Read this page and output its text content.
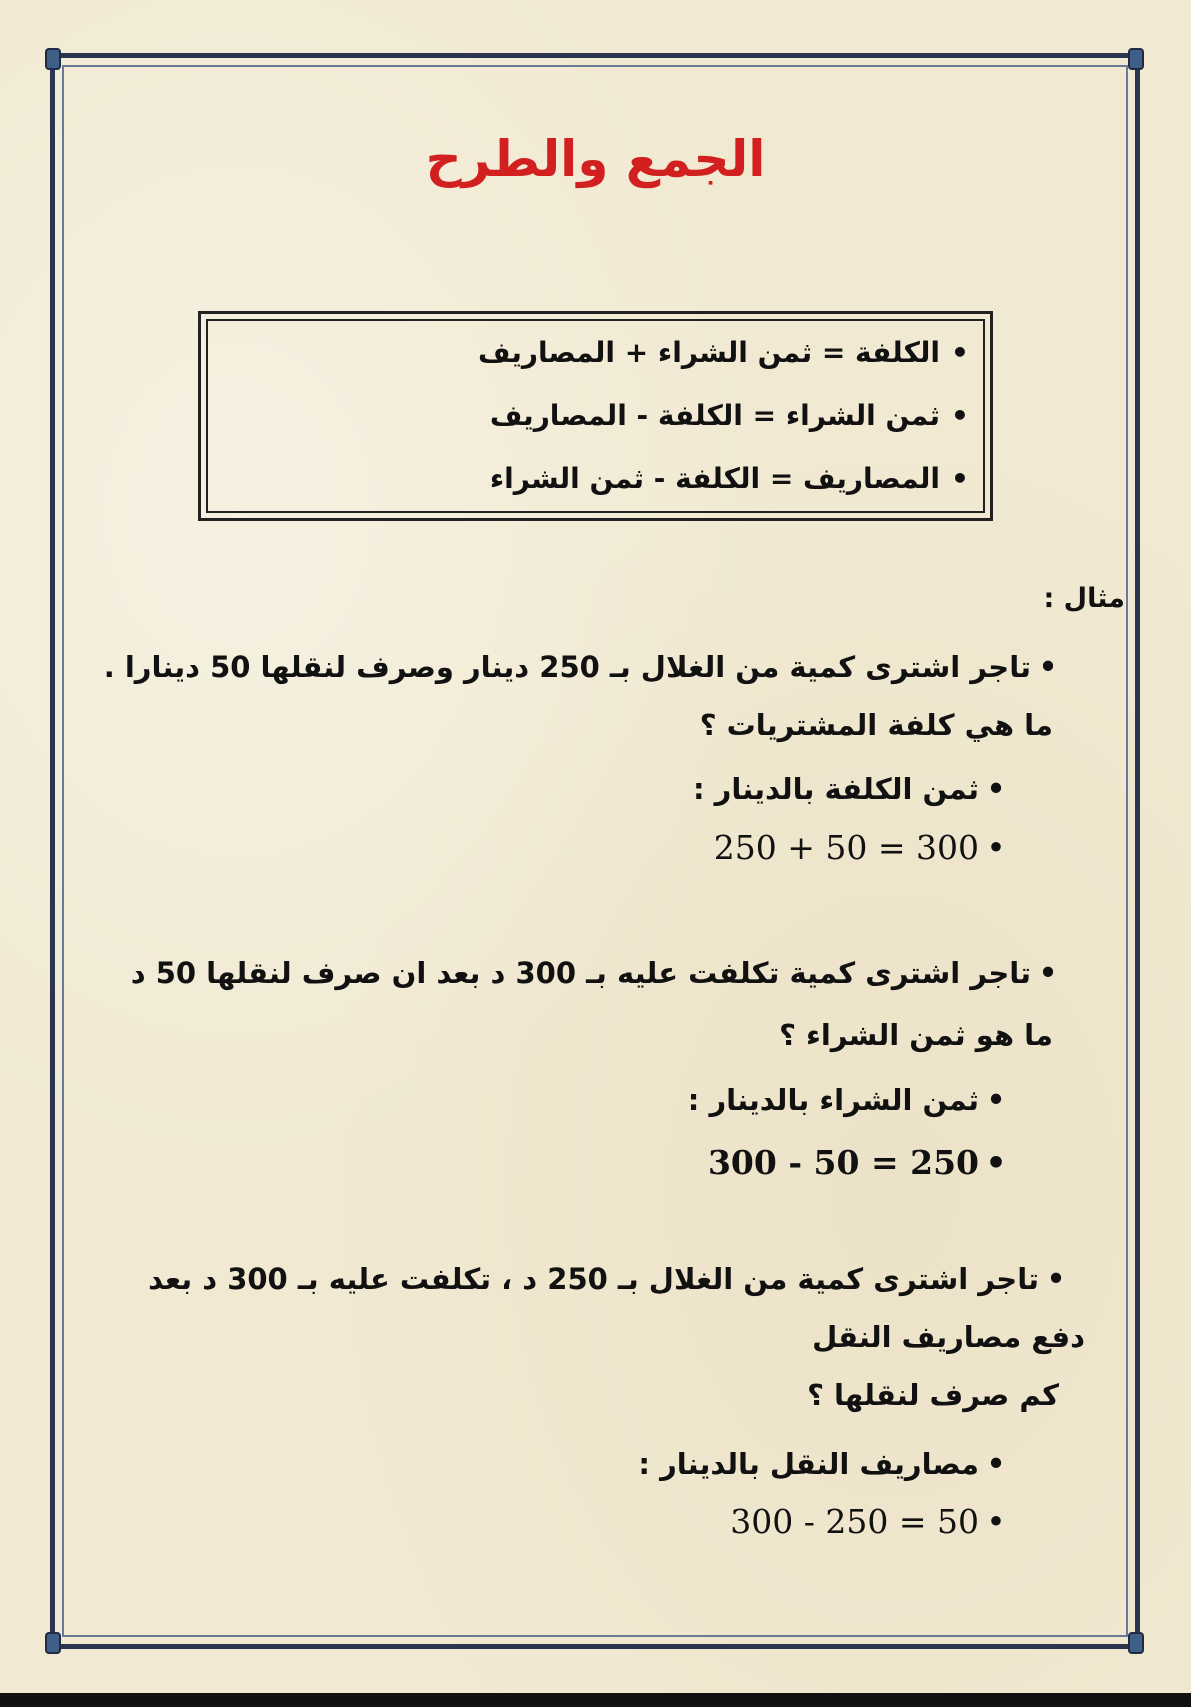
الجمع والطرح
•الكلفة = ثمن الشراء + المصاريف
•ثمن الشراء = الكلفة - المصاريف
•المصاريف = الكلفة - ثمن الشراء
مثال :
•تاجر اشترى كمية من الغلال بـ 250 دينار وصرف لنقلها 50 دينارا .
ما هي كلفة المشتريات ؟
•ثمن الكلفة بالدينار :
•300 = 50 + 250
•تاجر اشترى كمية تكلفت عليه بـ 300 د بعد ان صرف لنقلها 50 د
ما هو ثمن الشراء ؟
•ثمن الشراء بالدينار :
•250 = 50 - 300
•تاجر اشترى كمية من الغلال بـ 250 د ، تكلفت عليه بـ 300 د بعد
دفع مصاريف النقل
كم صرف لنقلها ؟
•مصاريف النقل بالدينار :
•50 = 250 - 300
